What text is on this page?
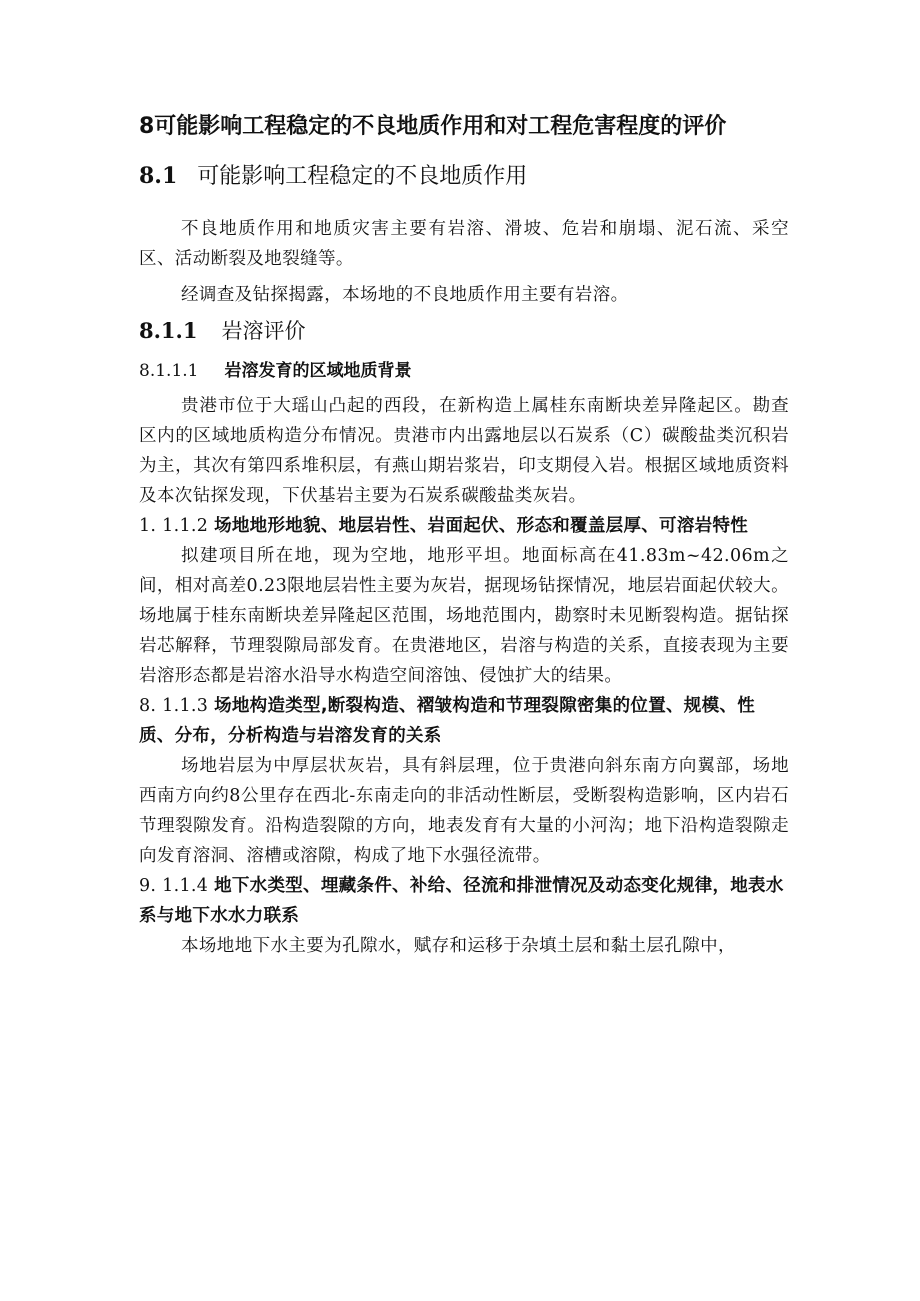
8可能影响工程稳定的不良地质作用和对工程危害程度的评价
8.1 可能影响工程稳定的不良地质作用

不良地质作用和地质灾害主要有岩溶、滑坡、危岩和崩塌、泥石流、采空区、活动断裂及地裂缝等。

经调查及钻探揭露，本场地的不良地质作用主要有岩溶。

8.1.1 岩溶评价
8.1.1.1 岩溶发育的区域地质背景

贵港市位于大瑶山凸起的西段，在新构造上属桂东南断块差异隆起区。勘查区内的区域地质构造分布情况。贵港市内出露地层以石炭系（C）碳酸盐类沉积岩为主，其次有第四系堆积层，有燕山期岩浆岩，印支期侵入岩。根据区域地质资料及本次钻探发现，下伏基岩主要为石炭系碳酸盐类灰岩。

1. 1.1.2 场地地形地貌、地层岩性、岩面起伏、形态和覆盖层厚、可溶岩特性

拟建项目所在地，现为空地，地形平坦。地面标高在41.83m~42.06m之间，相对高差0.23限地层岩性主要为灰岩，据现场钻探情况，地层岩面起伏较大。场地属于桂东南断块差异隆起区范围，场地范围内，勘察时未见断裂构造。据钻探岩芯解释，节理裂隙局部发育。在贵港地区，岩溶与构造的关系，直接表现为主要岩溶形态都是岩溶水沿导水构造空间溶蚀、侵蚀扩大的结果。

8. 1.1.3 场地构造类型,断裂构造、褶皱构造和节理裂隙密集的位置、规模、性质、分布，分析构造与岩溶发育的关系

场地岩层为中厚层状灰岩，具有斜层理，位于贵港向斜东南方向翼部，场地西南方向约8公里存在西北-东南走向的非活动性断层，受断裂构造影响，区内岩石节理裂隙发育。沿构造裂隙的方向，地表发育有大量的小河沟；地下沿构造裂隙走向发育溶洞、溶槽或溶隙，构成了地下水强径流带。

9. 1.1.4 地下水类型、埋藏条件、补给、径流和排泄情况及动态变化规律，地表水系与地下水水力联系

本场地地下水主要为孔隙水，赋存和运移于杂填土层和黏土层孔隙中，
